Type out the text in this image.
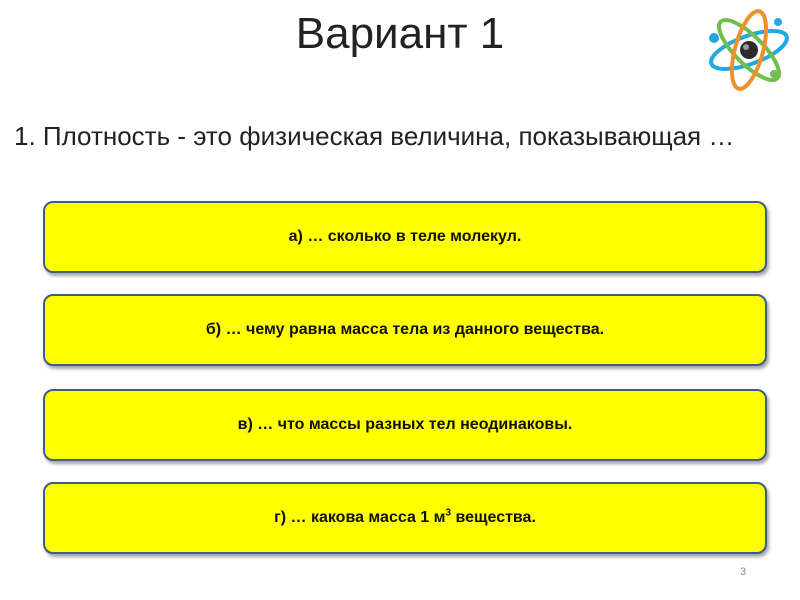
Вариант 1
1. Плотность - это физическая величина, показывающая …
а) … сколько в теле молекул.
б) … чему равна масса тела из данного вещества.
в) … что массы разных тел неодинаковы.
г) … какова масса 1 $м^3$ вещества.
3
